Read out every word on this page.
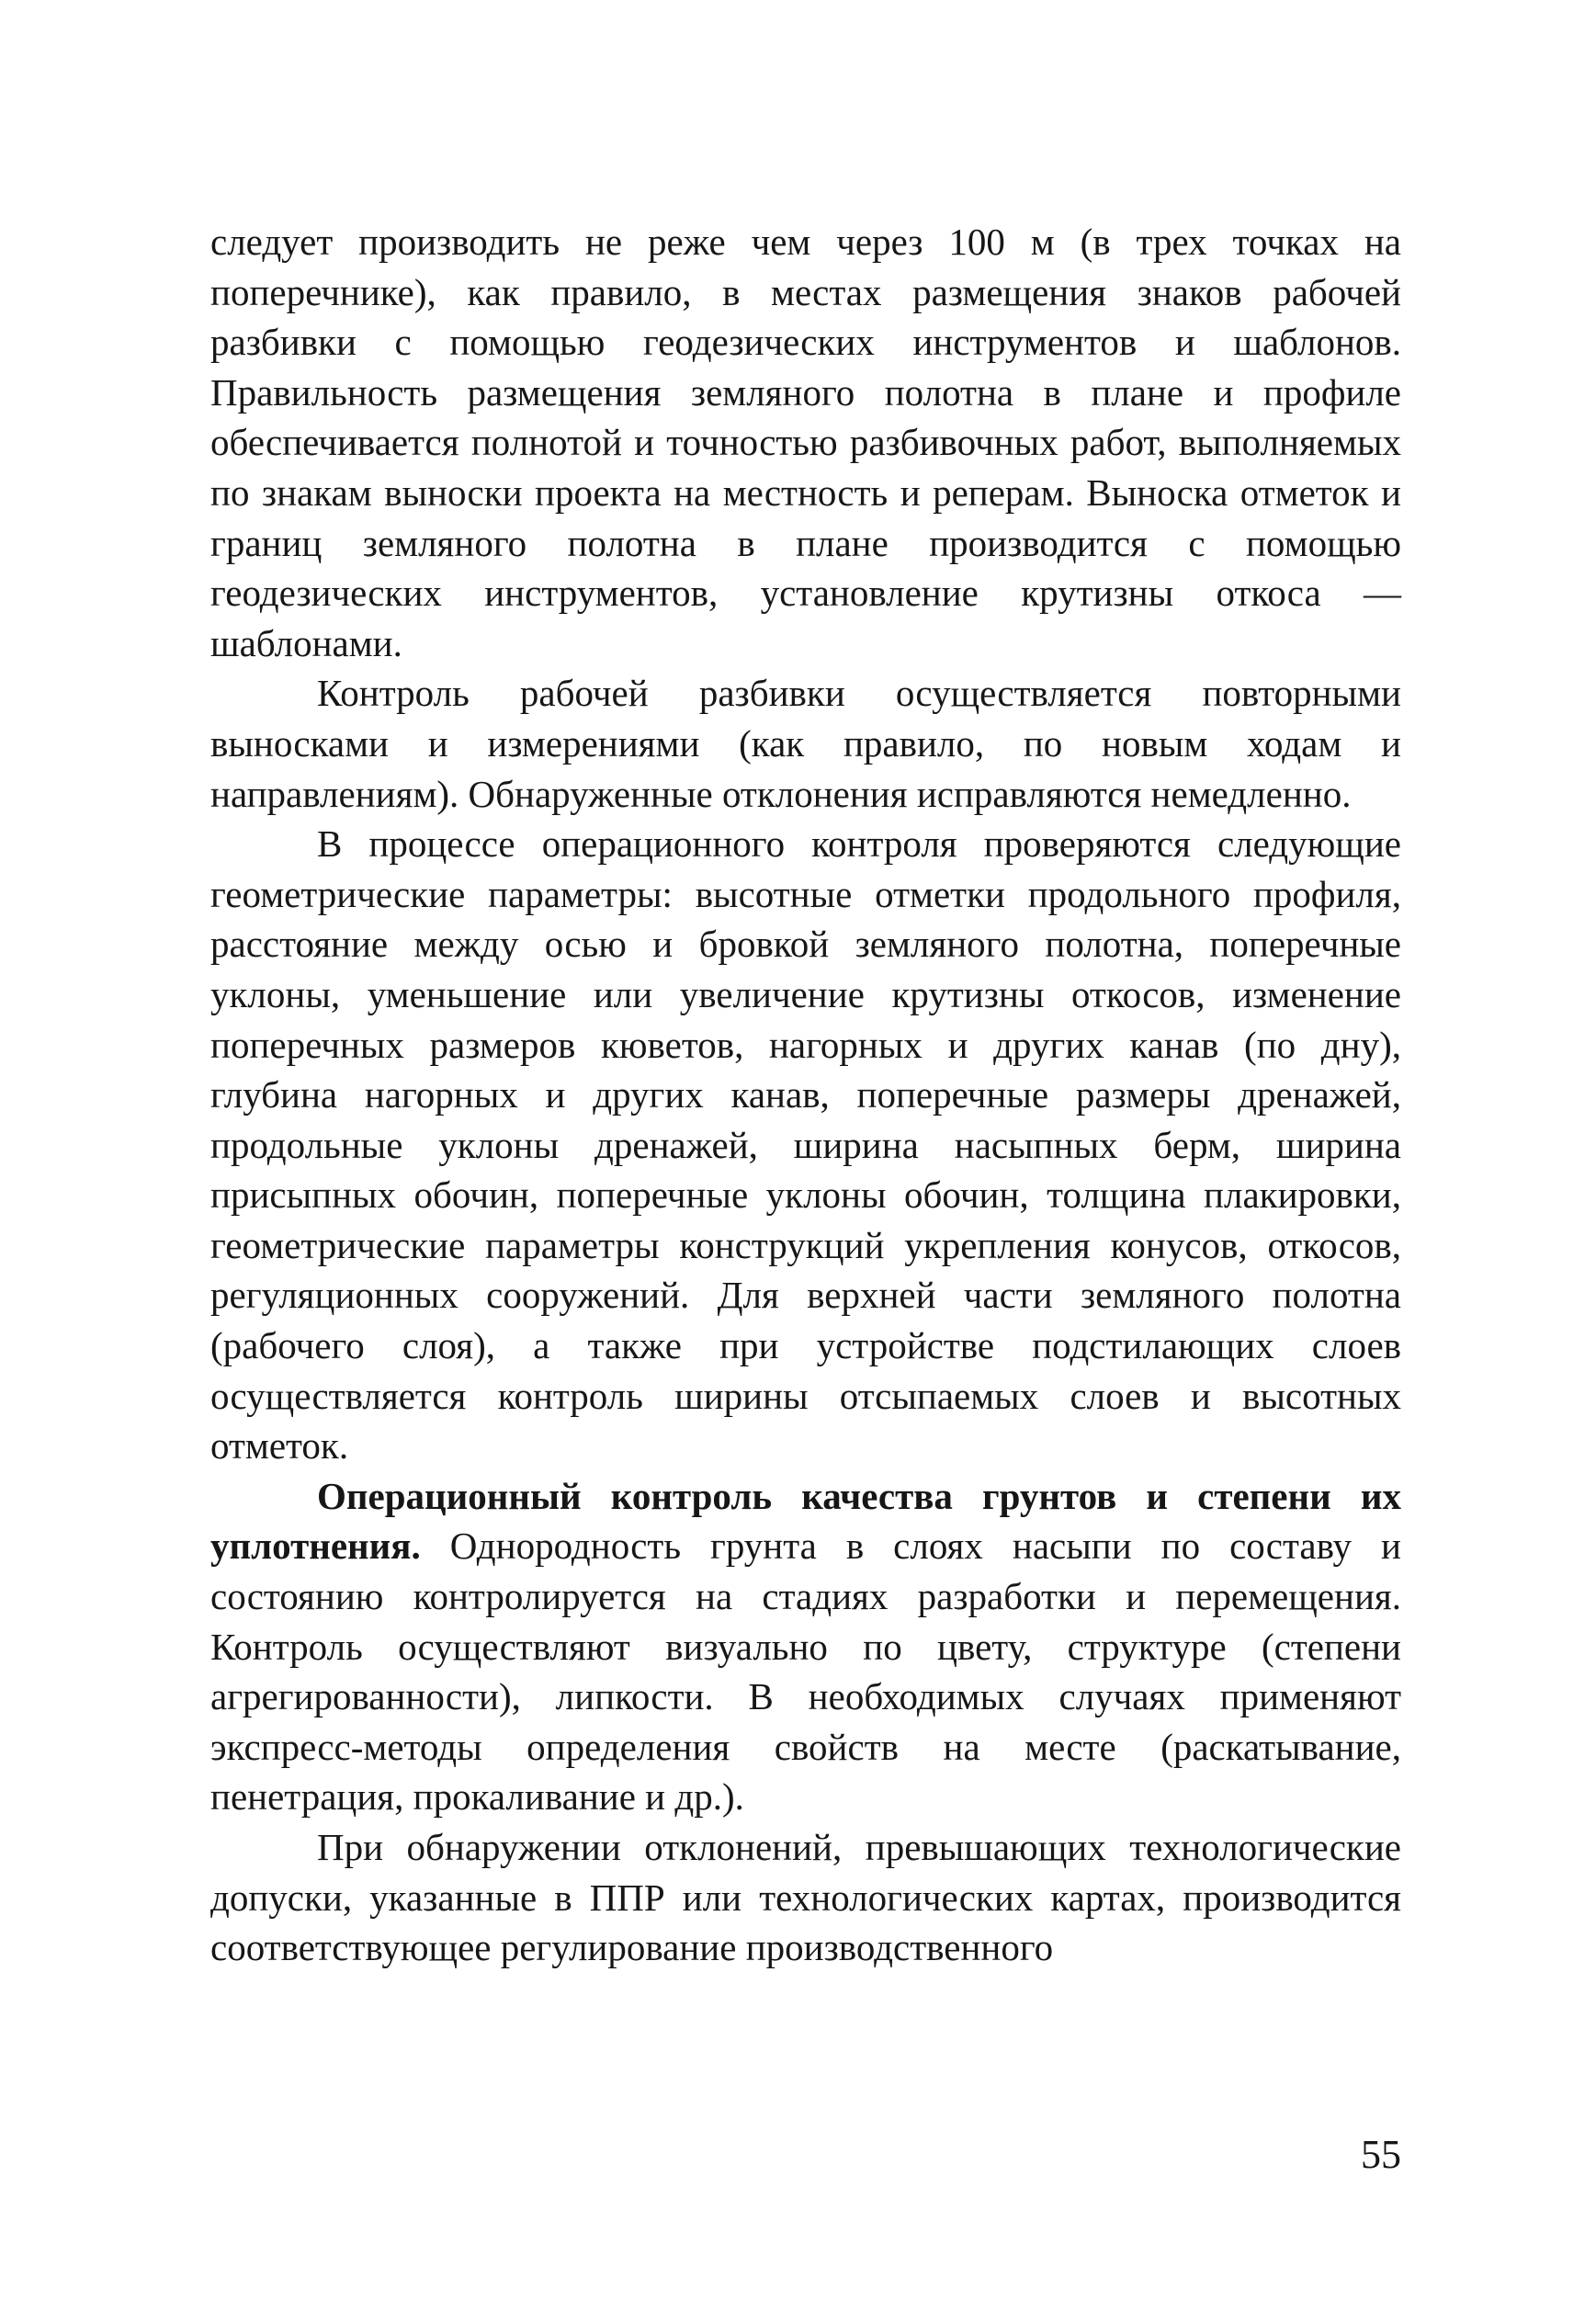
следует производить не реже чем через 100 м (в трех точках на поперечнике), как правило, в местах размещения знаков рабочей разбивки с помощью геодезических инструментов и шаблонов. Правильность размещения земляного полотна в плане и профиле обеспечивается полнотой и точностью разбивочных работ, выполняемых по знакам выноски проекта на местность и реперам. Выноска отметок и границ земляного полотна в плане производится с помощью геодезических инструментов, установление крутизны откоса — шаблонами.

Контроль рабочей разбивки осуществляется повторными выносками и измерениями (как правило, по новым ходам и направлениям). Обнаруженные отклонения исправляются немедленно.

В процессе операционного контроля проверяются следующие геометрические параметры: высотные отметки продольного профиля, расстояние между осью и бровкой земляного полотна, поперечные уклоны, уменьшение или увеличение крутизны откосов, изменение поперечных размеров кюветов, нагорных и других канав (по дну), глубина нагорных и других канав, поперечные размеры дренажей, продольные уклоны дренажей, ширина насыпных берм, ширина присыпных обочин, поперечные уклоны обочин, толщина плакировки, геометрические параметры конструкций укрепления конусов, откосов, регуляционных сооружений. Для верхней части земляного полотна (рабочего слоя), а также при устройстве подстилающих слоев осуществляется контроль ширины отсыпаемых слоев и высотных отметок.

Операционный контроль качества грунтов и степени их уплотнения. Однородность грунта в слоях насыпи по составу и состоянию контролируется на стадиях разработки и перемещения. Контроль осуществляют визуально по цвету, структуре (степени агрегированности), липкости. В необходимых случаях применяют экспресс-методы определения свойств на месте (раскатывание, пенетрация, прокаливание и др.).

При обнаружении отклонений, превышающих технологические допуски, указанные в ППР или технологических картах, производится соответствующее регулирование производственного

55
